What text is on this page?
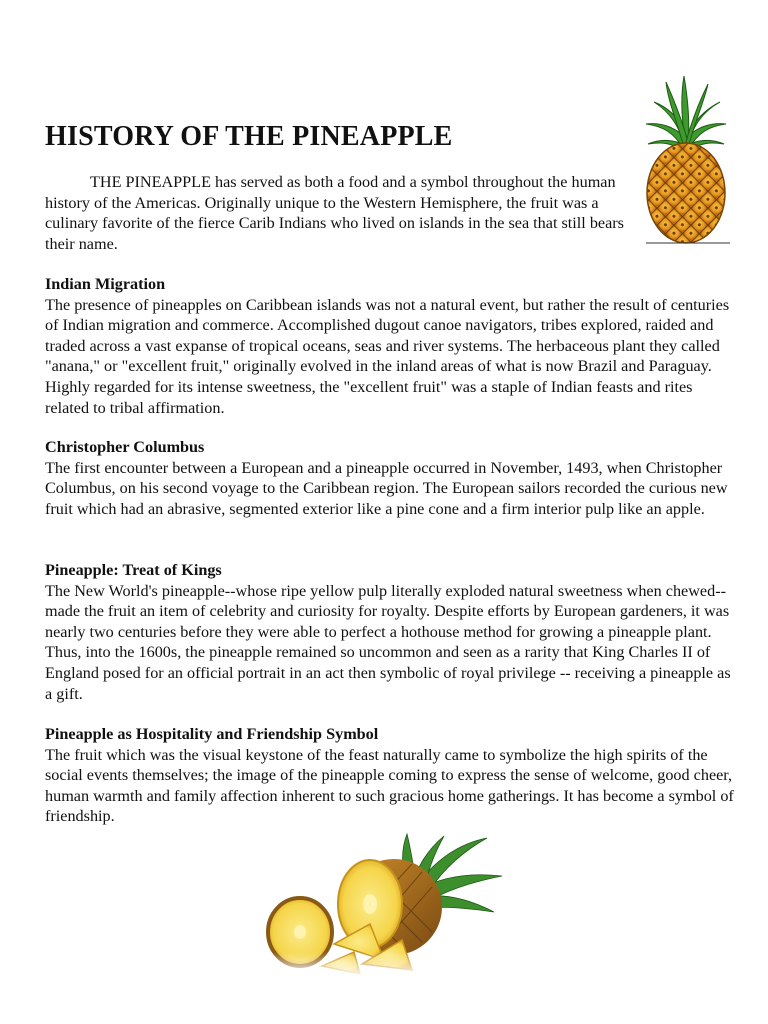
HISTORY OF THE PINEAPPLE

THE PINEAPPLE has served as both a food and a symbol throughout the human history of the Americas. Originally unique to the Western Hemisphere, the fruit was a culinary favorite of the fierce Carib Indians who lived on islands in the sea that still bears their name.

Indian Migration

The presence of pineapples on Caribbean islands was not a natural event, but rather the result of centuries of Indian migration and commerce. Accomplished dugout canoe navigators, tribes explored, raided and traded across a vast expanse of tropical oceans, seas and river systems. The herbaceous plant they called "anana," or "excellent fruit," originally evolved in the inland areas of what is now Brazil and Paraguay. Highly regarded for its intense sweetness, the "excellent fruit" was a staple of Indian feasts and rites related to tribal affirmation.

Christopher Columbus

The first encounter between a European and a pineapple occurred in November, 1493, when Christopher Columbus, on his second voyage to the Caribbean region. The European sailors recorded the curious new fruit which had an abrasive, segmented exterior like a pine cone and a firm interior pulp like an apple.

Pineapple: Treat of Kings

The New World's pineapple--whose ripe yellow pulp literally exploded natural sweetness when chewed--made the fruit an item of celebrity and curiosity for royalty. Despite efforts by European gardeners, it was nearly two centuries before they were able to perfect a hothouse method for growing a pineapple plant. Thus, into the 1600s, the pineapple remained so uncommon and seen as a rarity that King Charles II of England posed for an official portrait in an act then symbolic of royal privilege -- receiving a pineapple as a gift.

Pineapple as Hospitality and Friendship Symbol

The fruit which was the visual keystone of the feast naturally came to symbolize the high spirits of the social events themselves; the image of the pineapple coming to express the sense of welcome, good cheer, human warmth and family affection inherent to such gracious home gatherings. It has become a symbol of friendship.
